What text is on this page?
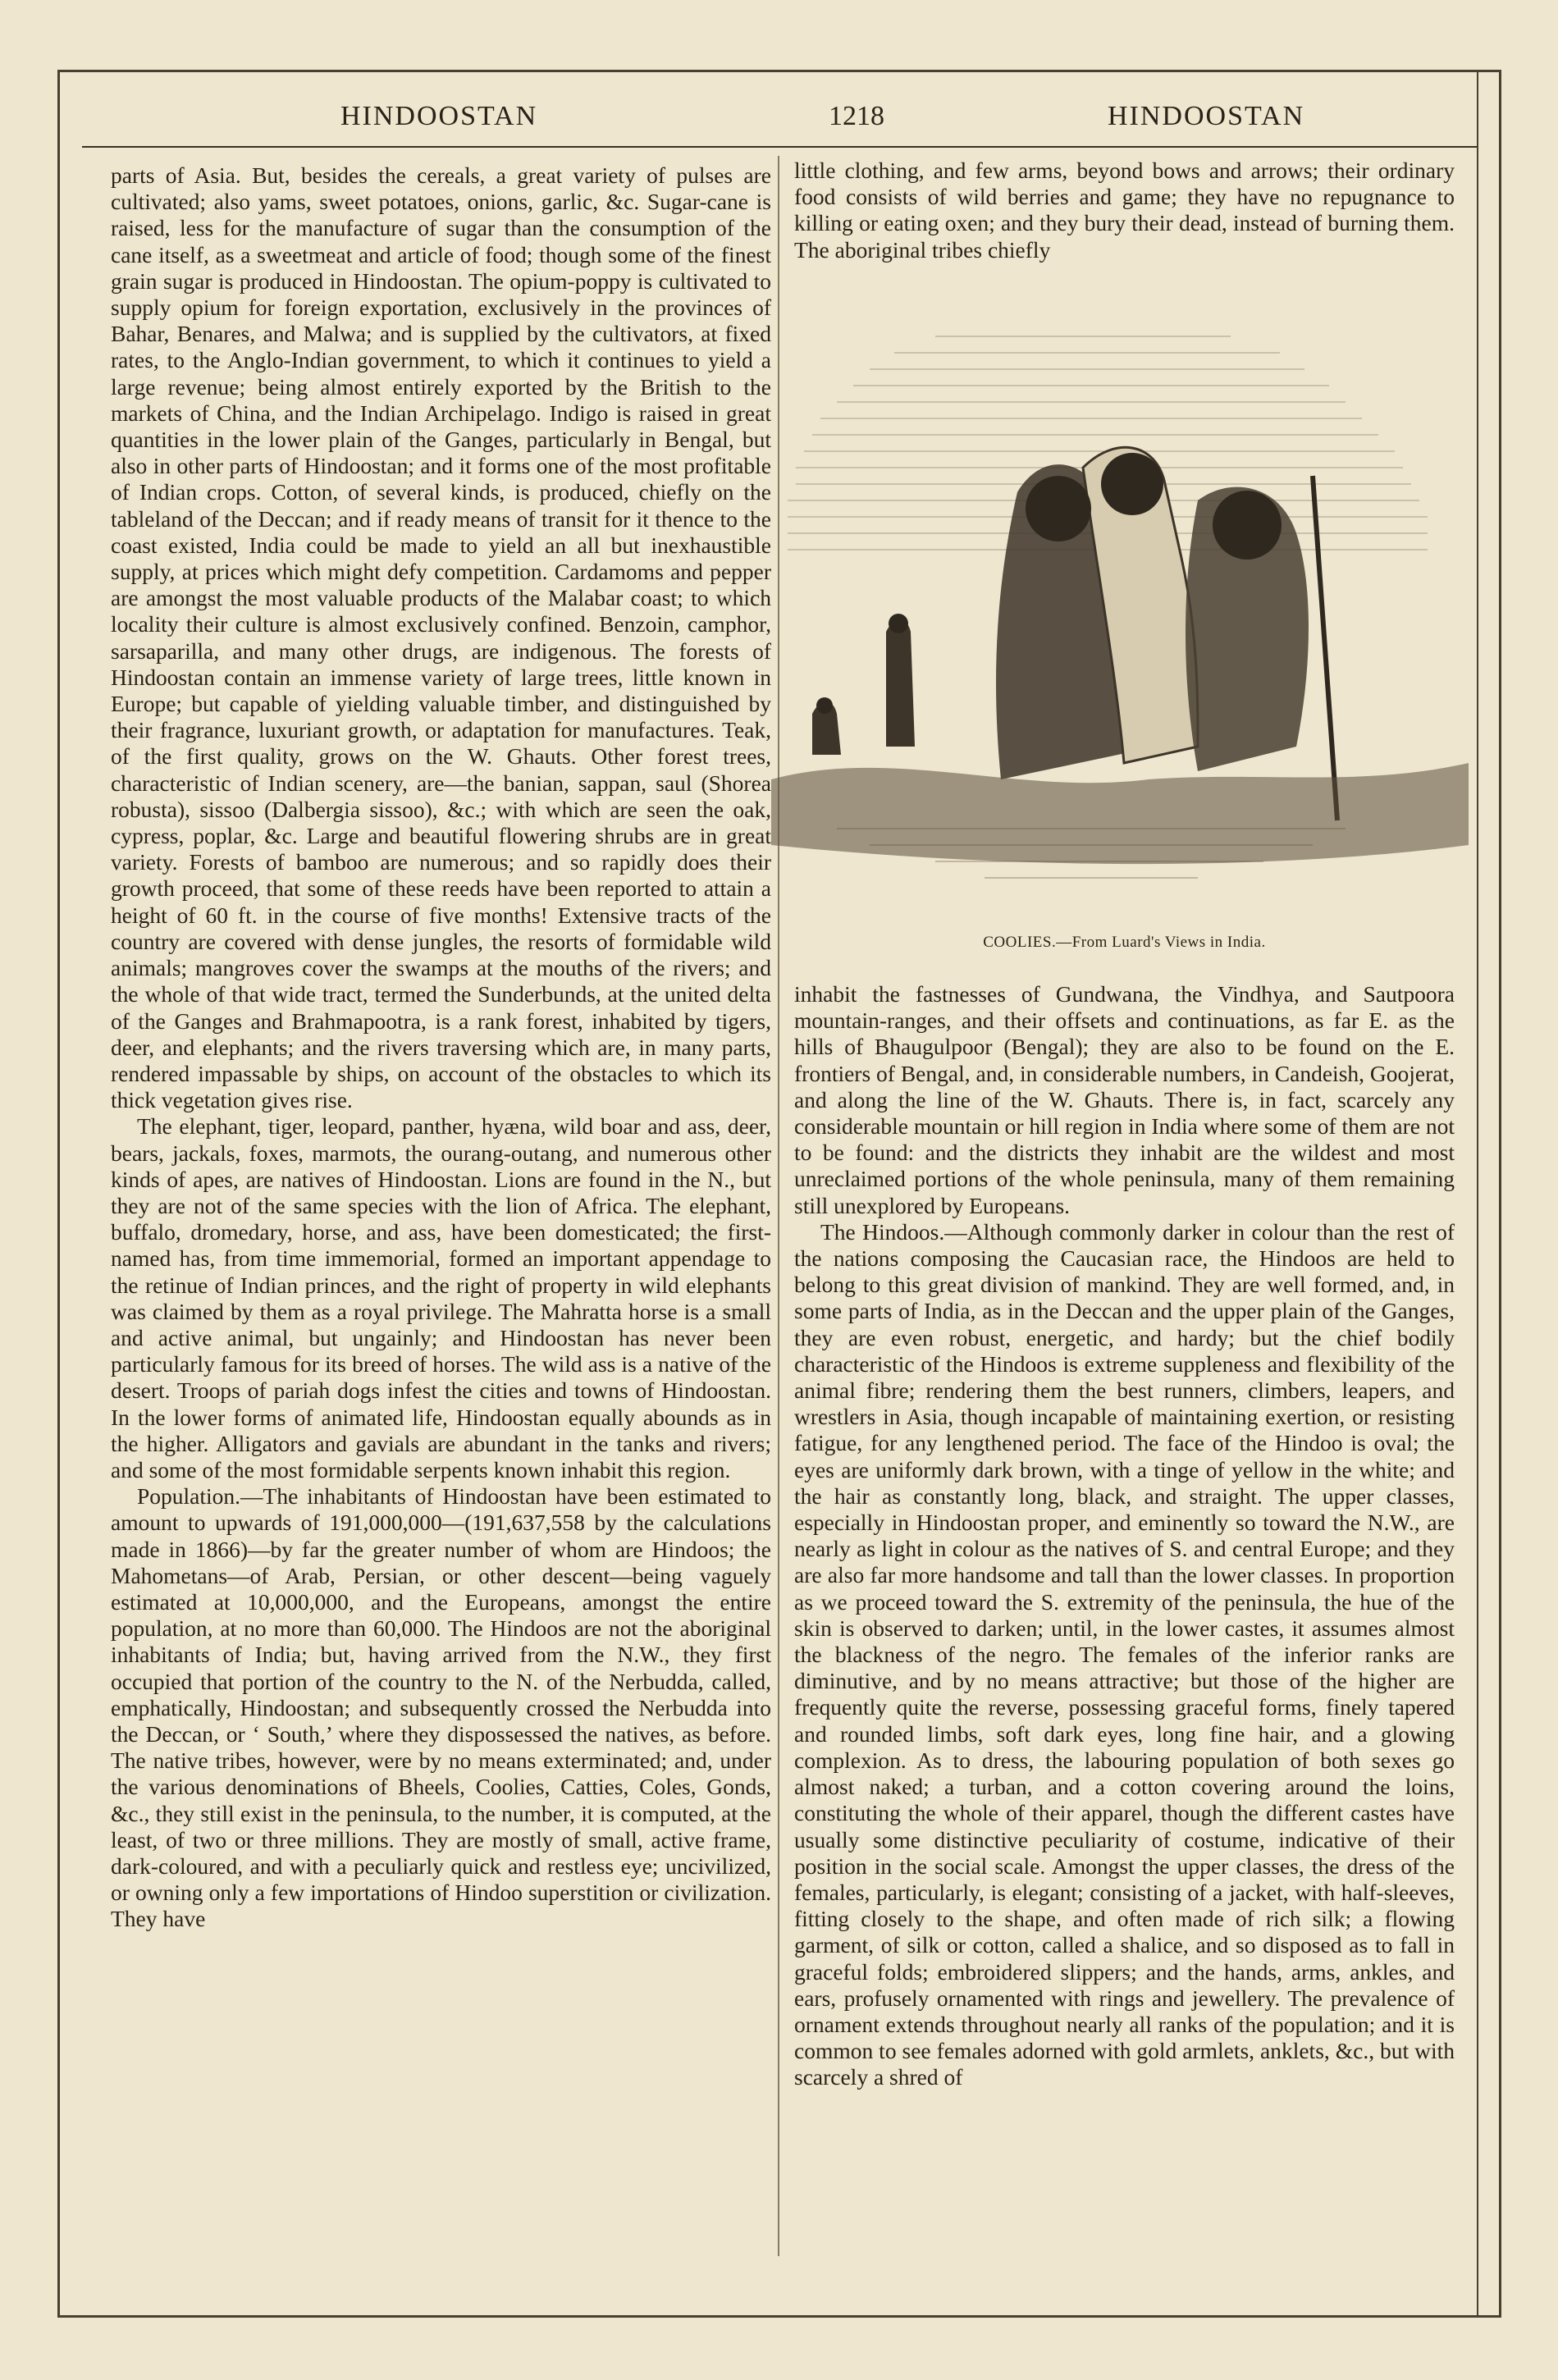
HINDOOSTAN	1218	HINDOOSTAN

parts of Asia. But, besides the cereals, a great variety of pulses are cultivated; also yams, sweet potatoes, onions, garlic, &c. Sugar-cane is raised, less for the manufacture of sugar than the consumption of the cane itself, as a sweetmeat and article of food; though some of the finest grain sugar is produced in Hindoostan. The opium-poppy is cultivated to supply opium for foreign exportation, exclusively in the provinces of Bahar, Benares, and Malwa; and is supplied by the cultivators, at fixed rates, to the Anglo-Indian government, to which it continues to yield a large revenue; being almost entirely exported by the British to the markets of China, and the Indian Archipelago. Indigo is raised in great quantities in the lower plain of the Ganges, particularly in Bengal, but also in other parts of Hindoostan; and it forms one of the most profitable of Indian crops. Cotton, of several kinds, is produced, chiefly on the tableland of the Deccan; and if ready means of transit for it thence to the coast existed, India could be made to yield an all but inexhaustible supply, at prices which might defy competition. Cardamoms and pepper are amongst the most valuable products of the Malabar coast; to which locality their culture is almost exclusively confined. Benzoin, camphor, sarsaparilla, and many other drugs, are indigenous. The forests of Hindoostan contain an immense variety of large trees, little known in Europe; but capable of yielding valuable timber, and distinguished by their fragrance, luxuriant growth, or adaptation for manufactures. Teak, of the first quality, grows on the W. Ghauts. Other forest trees, characteristic of Indian scenery, are—the banian, sappan, saul (Shorea robusta), sissoo (Dalbergia sissoo), &c.; with which are seen the oak, cypress, poplar, &c. Large and beautiful flowering shrubs are in great variety. Forests of bamboo are numerous; and so rapidly does their growth proceed, that some of these reeds have been reported to attain a height of 60 ft. in the course of five months! Extensive tracts of the country are covered with dense jungles, the resorts of formidable wild animals; mangroves cover the swamps at the mouths of the rivers; and the whole of that wide tract, termed the Sunderbunds, at the united delta of the Ganges and Brahmapootra, is a rank forest, inhabited by tigers, deer, and elephants; and the rivers traversing which are, in many parts, rendered impassable by ships, on account of the obstacles to which its thick vegetation gives rise.

The elephant, tiger, leopard, panther, hyæna, wild boar and ass, deer, bears, jackals, foxes, marmots, the ourang-outang, and numerous other kinds of apes, are natives of Hindoostan. Lions are found in the N., but they are not of the same species with the lion of Africa. The elephant, buffalo, dromedary, horse, and ass, have been domesticated; the first-named has, from time immemorial, formed an important appendage to the retinue of Indian princes, and the right of property in wild elephants was claimed by them as a royal privilege. The Mahratta horse is a small and active animal, but ungainly; and Hindoostan has never been particularly famous for its breed of horses. The wild ass is a native of the desert. Troops of pariah dogs infest the cities and towns of Hindoostan. In the lower forms of animated life, Hindoostan equally abounds as in the higher. Alligators and gavials are abundant in the tanks and rivers; and some of the most formidable serpents known inhabit this region.

Population.—The inhabitants of Hindoostan have been estimated to amount to upwards of 191,000,000—(191,637,558 by the calculations made in 1866)—by far the greater number of whom are Hindoos; the Mahometans—of Arab, Persian, or other descent—being vaguely estimated at 10,000,000, and the Europeans, amongst the entire population, at no more than 60,000. The Hindoos are not the aboriginal inhabitants of India; but, having arrived from the N.W., they first occupied that portion of the country to the N. of the Nerbudda, called, emphatically, Hindoostan; and subsequently crossed the Nerbudda into the Deccan, or ‘ South,’ where they dispossessed the natives, as before. The native tribes, however, were by no means exterminated; and, under the various denominations of Bheels, Coolies, Catties, Coles, Gonds, &c., they still exist in the peninsula, to the number, it is computed, at the least, of two or three millions. They are mostly of small, active frame, dark-coloured, and with a peculiarly quick and restless eye; uncivilized, or owning only a few importations of Hindoo superstition or civilization. They have

little clothing, and few arms, beyond bows and arrows; their ordinary food consists of wild berries and game; they have no repugnance to killing or eating oxen; and they bury their dead, instead of burning them. The aboriginal tribes chiefly

COOLIES.—From Luard's Views in India.

inhabit the fastnesses of Gundwana, the Vindhya, and Sautpoora mountain-ranges, and their offsets and continuations, as far E. as the hills of Bhaugulpoor (Bengal); they are also to be found on the E. frontiers of Bengal, and, in considerable numbers, in Candeish, Goojerat, and along the line of the W. Ghauts. There is, in fact, scarcely any considerable mountain or hill region in India where some of them are not to be found: and the districts they inhabit are the wildest and most unreclaimed portions of the whole peninsula, many of them remaining still unexplored by Europeans.

The Hindoos.—Although commonly darker in colour than the rest of the nations composing the Caucasian race, the Hindoos are held to belong to this great division of mankind. They are well formed, and, in some parts of India, as in the Deccan and the upper plain of the Ganges, they are even robust, energetic, and hardy; but the chief bodily characteristic of the Hindoos is extreme suppleness and flexibility of the animal fibre; rendering them the best runners, climbers, leapers, and wrestlers in Asia, though incapable of maintaining exertion, or resisting fatigue, for any lengthened period. The face of the Hindoo is oval; the eyes are uniformly dark brown, with a tinge of yellow in the white; and the hair as constantly long, black, and straight. The upper classes, especially in Hindoostan proper, and eminently so toward the N.W., are nearly as light in colour as the natives of S. and central Europe; and they are also far more handsome and tall than the lower classes. In proportion as we proceed toward the S. extremity of the peninsula, the hue of the skin is observed to darken; until, in the lower castes, it assumes almost the blackness of the negro. The females of the inferior ranks are diminutive, and by no means attractive; but those of the higher are frequently quite the reverse, possessing graceful forms, finely tapered and rounded limbs, soft dark eyes, long fine hair, and a glowing complexion. As to dress, the labouring population of both sexes go almost naked; a turban, and a cotton covering around the loins, constituting the whole of their apparel, though the different castes have usually some distinctive peculiarity of costume, indicative of their position in the social scale. Amongst the upper classes, the dress of the females, particularly, is elegant; consisting of a jacket, with half-sleeves, fitting closely to the shape, and often made of rich silk; a flowing garment, of silk or cotton, called a shalice, and so disposed as to fall in graceful folds; embroidered slippers; and the hands, arms, ankles, and ears, profusely ornamented with rings and jewellery. The prevalence of ornament extends throughout nearly all ranks of the population; and it is common to see females adorned with gold armlets, anklets, &c., but with scarcely a shred of
